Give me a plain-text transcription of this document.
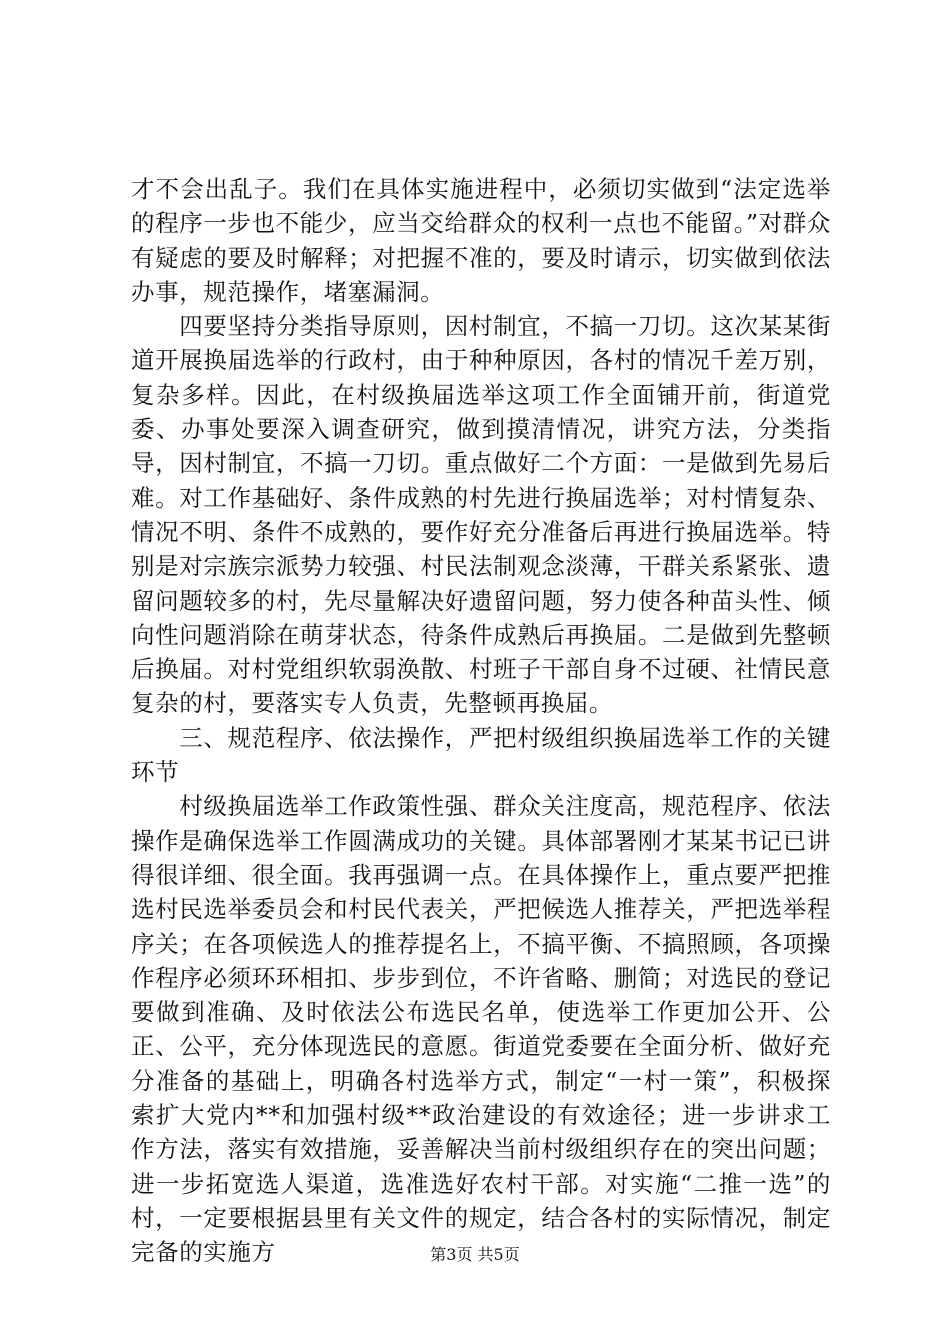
才不会出乱子。我们在具体实施进程中，必须切实做到“法定选举的程序一步也不能少，应当交给群众的权利一点也不能留。”对群众有疑虑的要及时解释；对把握不准的，要及时请示，切实做到依法办事，规范操作，堵塞漏洞。

　　四要坚持分类指导原则，因村制宜，不搞一刀切。这次某某街道开展换届选举的行政村，由于种种原因，各村的情况千差万别，复杂多样。因此，在村级换届选举这项工作全面铺开前，街道党委、办事处要深入调查研究，做到摸清情况，讲究方法，分类指导，因村制宜，不搞一刀切。重点做好二个方面：一是做到先易后难。对工作基础好、条件成熟的村先进行换届选举；对村情复杂、情况不明、条件不成熟的，要作好充分准备后再进行换届选举。特别是对宗族宗派势力较强、村民法制观念淡薄，干群关系紧张、遗留问题较多的村，先尽量解决好遗留问题，努力使各种苗头性、倾向性问题消除在萌芽状态，待条件成熟后再换届。二是做到先整顿后换届。对村党组织软弱涣散、村班子干部自身不过硬、社情民意复杂的村，要落实专人负责，先整顿再换届。

　　三、规范程序、依法操作，严把村级组织换届选举工作的关键环节

　　村级换届选举工作政策性强、群众关注度高，规范程序、依法操作是确保选举工作圆满成功的关键。具体部署刚才某某书记已讲得很详细、很全面。我再强调一点。在具体操作上，重点要严把推选村民选举委员会和村民代表关，严把候选人推荐关，严把选举程序关；在各项候选人的推荐提名上，不搞平衡、不搞照顾，各项操作程序必须环环相扣、步步到位，不许省略、删简；对选民的登记要做到准确、及时依法公布选民名单，使选举工作更加公开、公正、公平，充分体现选民的意愿。街道党委要在全面分析、做好充分准备的基础上，明确各村选举方式，制定“一村一策”，积极探索扩大党内**和加强村级**政治建设的有效途径；进一步讲求工作方法，落实有效措施，妥善解决当前村级组织存在的突出问题；进一步拓宽选人渠道，选准选好农村干部。对实施“二推一选”的村，一定要根据县里有关文件的规定，结合各村的实际情况，制定完备的实施方	第3页 共5页
